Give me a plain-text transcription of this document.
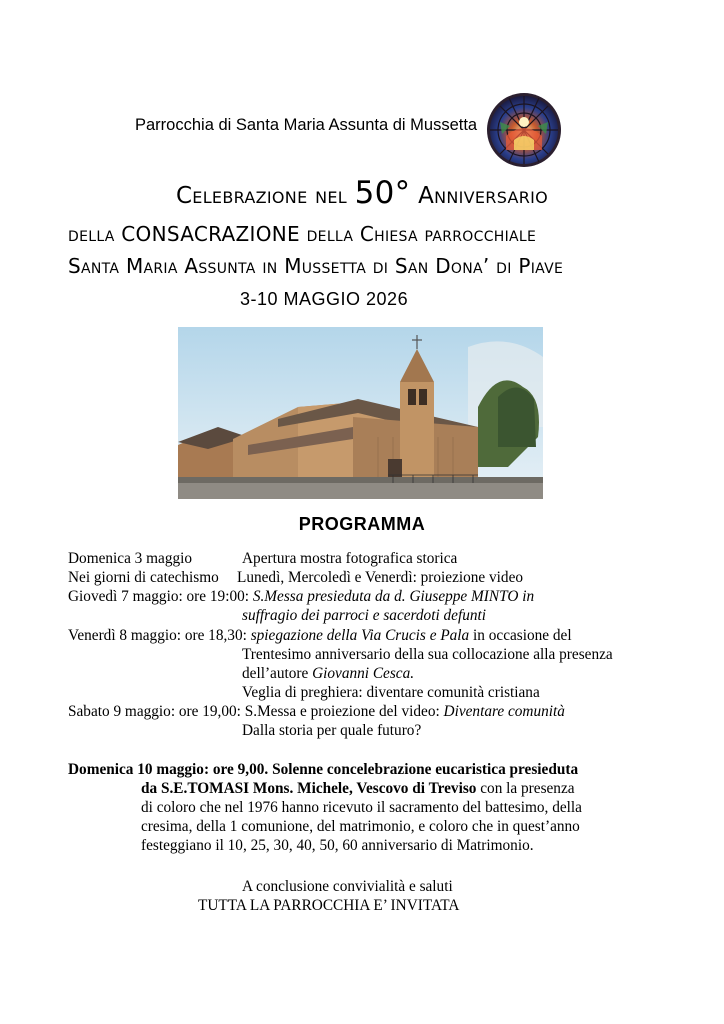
Parrocchia di Santa Maria Assunta di Mussetta
Celebrazione nel 50° Anniversario
della CONSACRAZIONE della Chiesa parrocchiale
Santa Maria Assunta in Mussetta di San Dona’ di Piave
3-10 MAGGIO 2026
PROGRAMMA
Domenica 3 maggio	Apertura mostra fotografica storica
Nei giorni di catechismo Lunedì, Mercoledì e Venerdì: proiezione video
Giovedì 7 maggio: ore 19:00: S.Messa presieduta da d. Giuseppe MINTO in
suffragio dei parroci e sacerdoti defunti
Venerdì 8 maggio: ore 18,30: spiegazione della Via Crucis e Pala in occasione del
Trentesimo anniversario della sua collocazione alla presenza
dell’autore Giovanni Cesca.
Veglia di preghiera: diventare comunità cristiana
Sabato 9 maggio: ore 19,00: S.Messa e proiezione del video: Diventare comunità
Dalla storia per quale futuro?
Domenica 10 maggio: ore 9,00. Solenne concelebrazione eucaristica presieduta
da S.E.TOMASI Mons. Michele, Vescovo di Treviso con la presenza
di coloro che nel 1976 hanno ricevuto il sacramento del battesimo, della
cresima, della 1 comunione, del matrimonio, e coloro che in quest’anno
festeggiano il 10, 25, 30, 40, 50, 60 anniversario di Matrimonio.
A conclusione convivialità e saluti
TUTTA LA PARROCCHIA E’ INVITATA
